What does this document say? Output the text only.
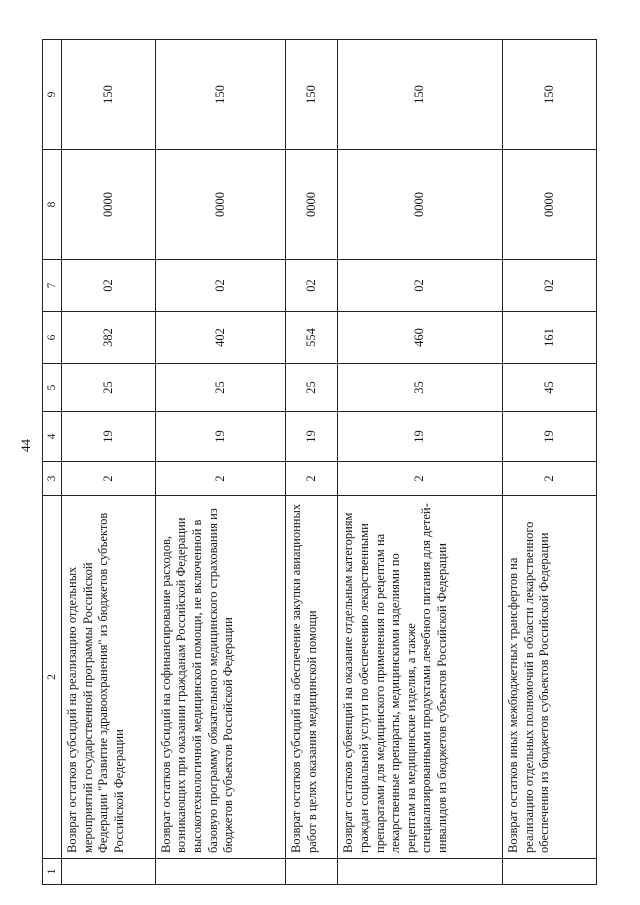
44
1	2	3	4	5	6	7	8	9
	Возврат остатков субсидий на реализацию отдельных мероприятий государственной программы Российской Федерации "Развитие здравоохранения" из бюджетов субъектов Российской Федерации	2	19	25	382	02	0000	150
	Возврат остатков субсидий на софинансирование расходов, возникающих при оказании гражданам Российской Федерации высокотехнологичной медицинской помощи, не включенной в базовую программу обязательного медицинского страхования из бюджетов субъектов Российской Федерации	2	19	25	402	02	0000	150
	Возврат остатков субсидий на обеспечение закупки авиационных работ в целях оказания медицинской помощи	2	19	25	554	02	0000	150
	Возврат остатков субвенций на оказание отдельным категориям граждан социальной услуги по обеспечению лекарственными препаратами для медицинского применения по рецептам на лекарственные препараты, медицинскими изделиями по рецептам на медицинские изделия, а также специализированными продуктами лечебного питания для детей-инвалидов из бюджетов субъектов Российской Федерации	2	19	35	460	02	0000	150
	Возврат остатков иных межбюджетных трансфертов на реализацию отдельных полномочий в области лекарственного обеспечения из бюджетов субъектов Российской Федерации	2	19	45	161	02	0000	150
